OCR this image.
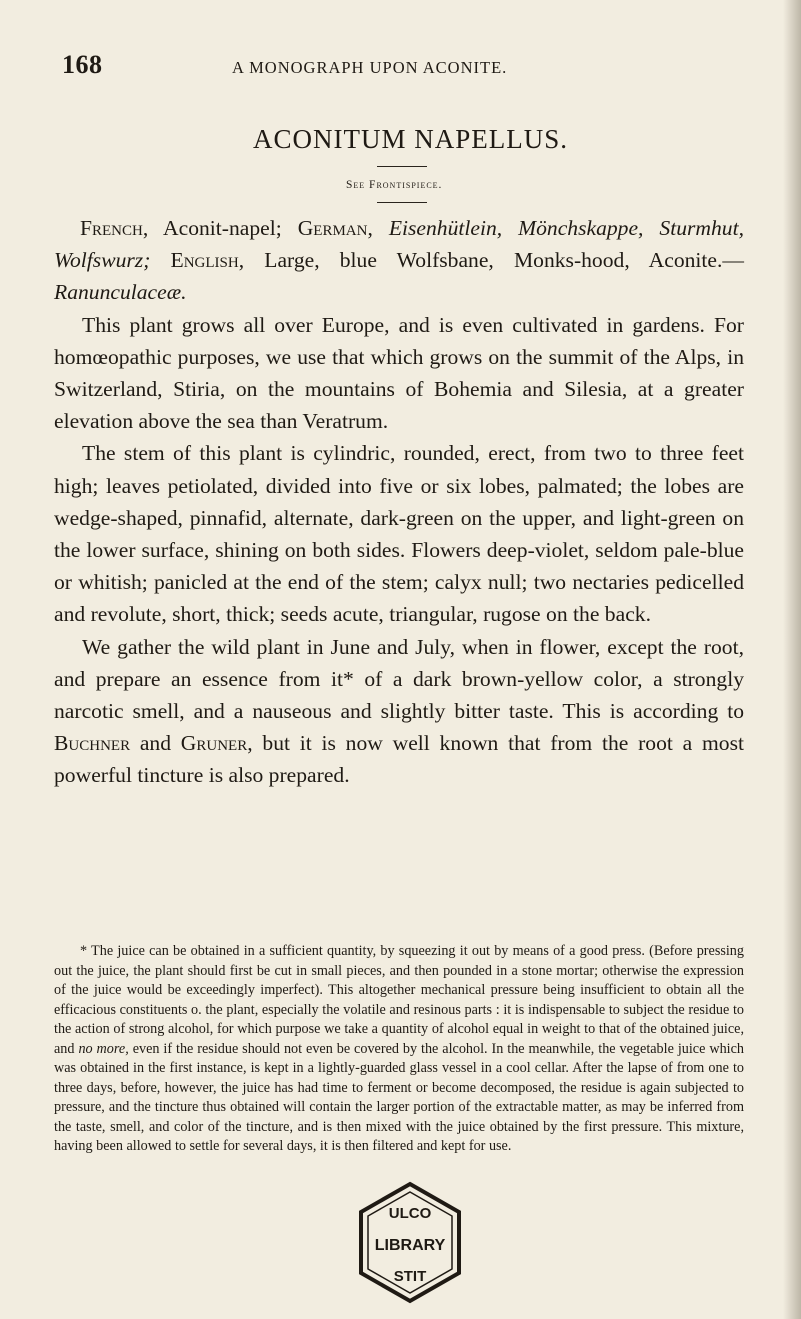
168	A MONOGRAPH UPON ACONITE.
ACONITUM NAPELLUS.
See Frontispiece.

French, Aconit-napel; German, Eisenhütlein, Mönchskappe, Sturmhut, Wolfswurz; English, Large, blue Wolfsbane, Monks-hood, Aconite.—Ranunculaceæ.

This plant grows all over Europe, and is even cultivated in gardens. For homœopathic purposes, we use that which grows on the summit of the Alps, in Switzerland, Stiria, on the mountains of Bohemia and Silesia, at a greater elevation above the sea than Veratrum.

The stem of this plant is cylindric, rounded, erect, from two to three feet high; leaves petiolated, divided into five or six lobes, palmated; the lobes are wedge-shaped, pinnafid, alternate, dark-green on the upper, and light-green on the lower surface, shining on both sides. Flowers deep-violet, seldom pale-blue or whitish; panicled at the end of the stem; calyx null; two nectaries pedicelled and revolute, short, thick; seeds acute, triangular, rugose on the back.

We gather the wild plant in June and July, when in flower, except the root, and prepare an essence from it* of a dark brown-yellow color, a strongly narcotic smell, and a nauseous and slightly bitter taste. This is according to Buchner and Gruner, but it is now well known that from the root a most powerful tincture is also prepared.

* The juice can be obtained in a sufficient quantity, by squeezing it out by means of a good press. (Before pressing out the juice, the plant should first be cut in small pieces, and then pounded in a stone mortar; otherwise the expression of the juice would be exceedingly imperfect). This altogether mechanical pressure being insufficient to obtain all the efficacious constituents o. the plant, especially the volatile and resinous parts : it is indispensable to subject the residue to the action of strong alcohol, for which purpose we take a quantity of alcohol equal in weight to that of the obtained juice, and no more, even if the residue should not even be covered by the alcohol. In the meanwhile, the vegetable juice which was obtained in the first instance, is kept in a lightly-guarded glass vessel in a cool cellar. After the lapse of from one to three days, before, however, the juice has had time to ferment or become decomposed, the residue is again subjected to pressure, and the tincture thus obtained will contain the larger portion of the extractable matter, as may be inferred from the taste, smell, and color of the tincture, and is then mixed with the juice obtained by the first pressure. This mixture, having been allowed to settle for several days, it is then filtered and kept for use.

ULCO
LIBRARY
STIT
